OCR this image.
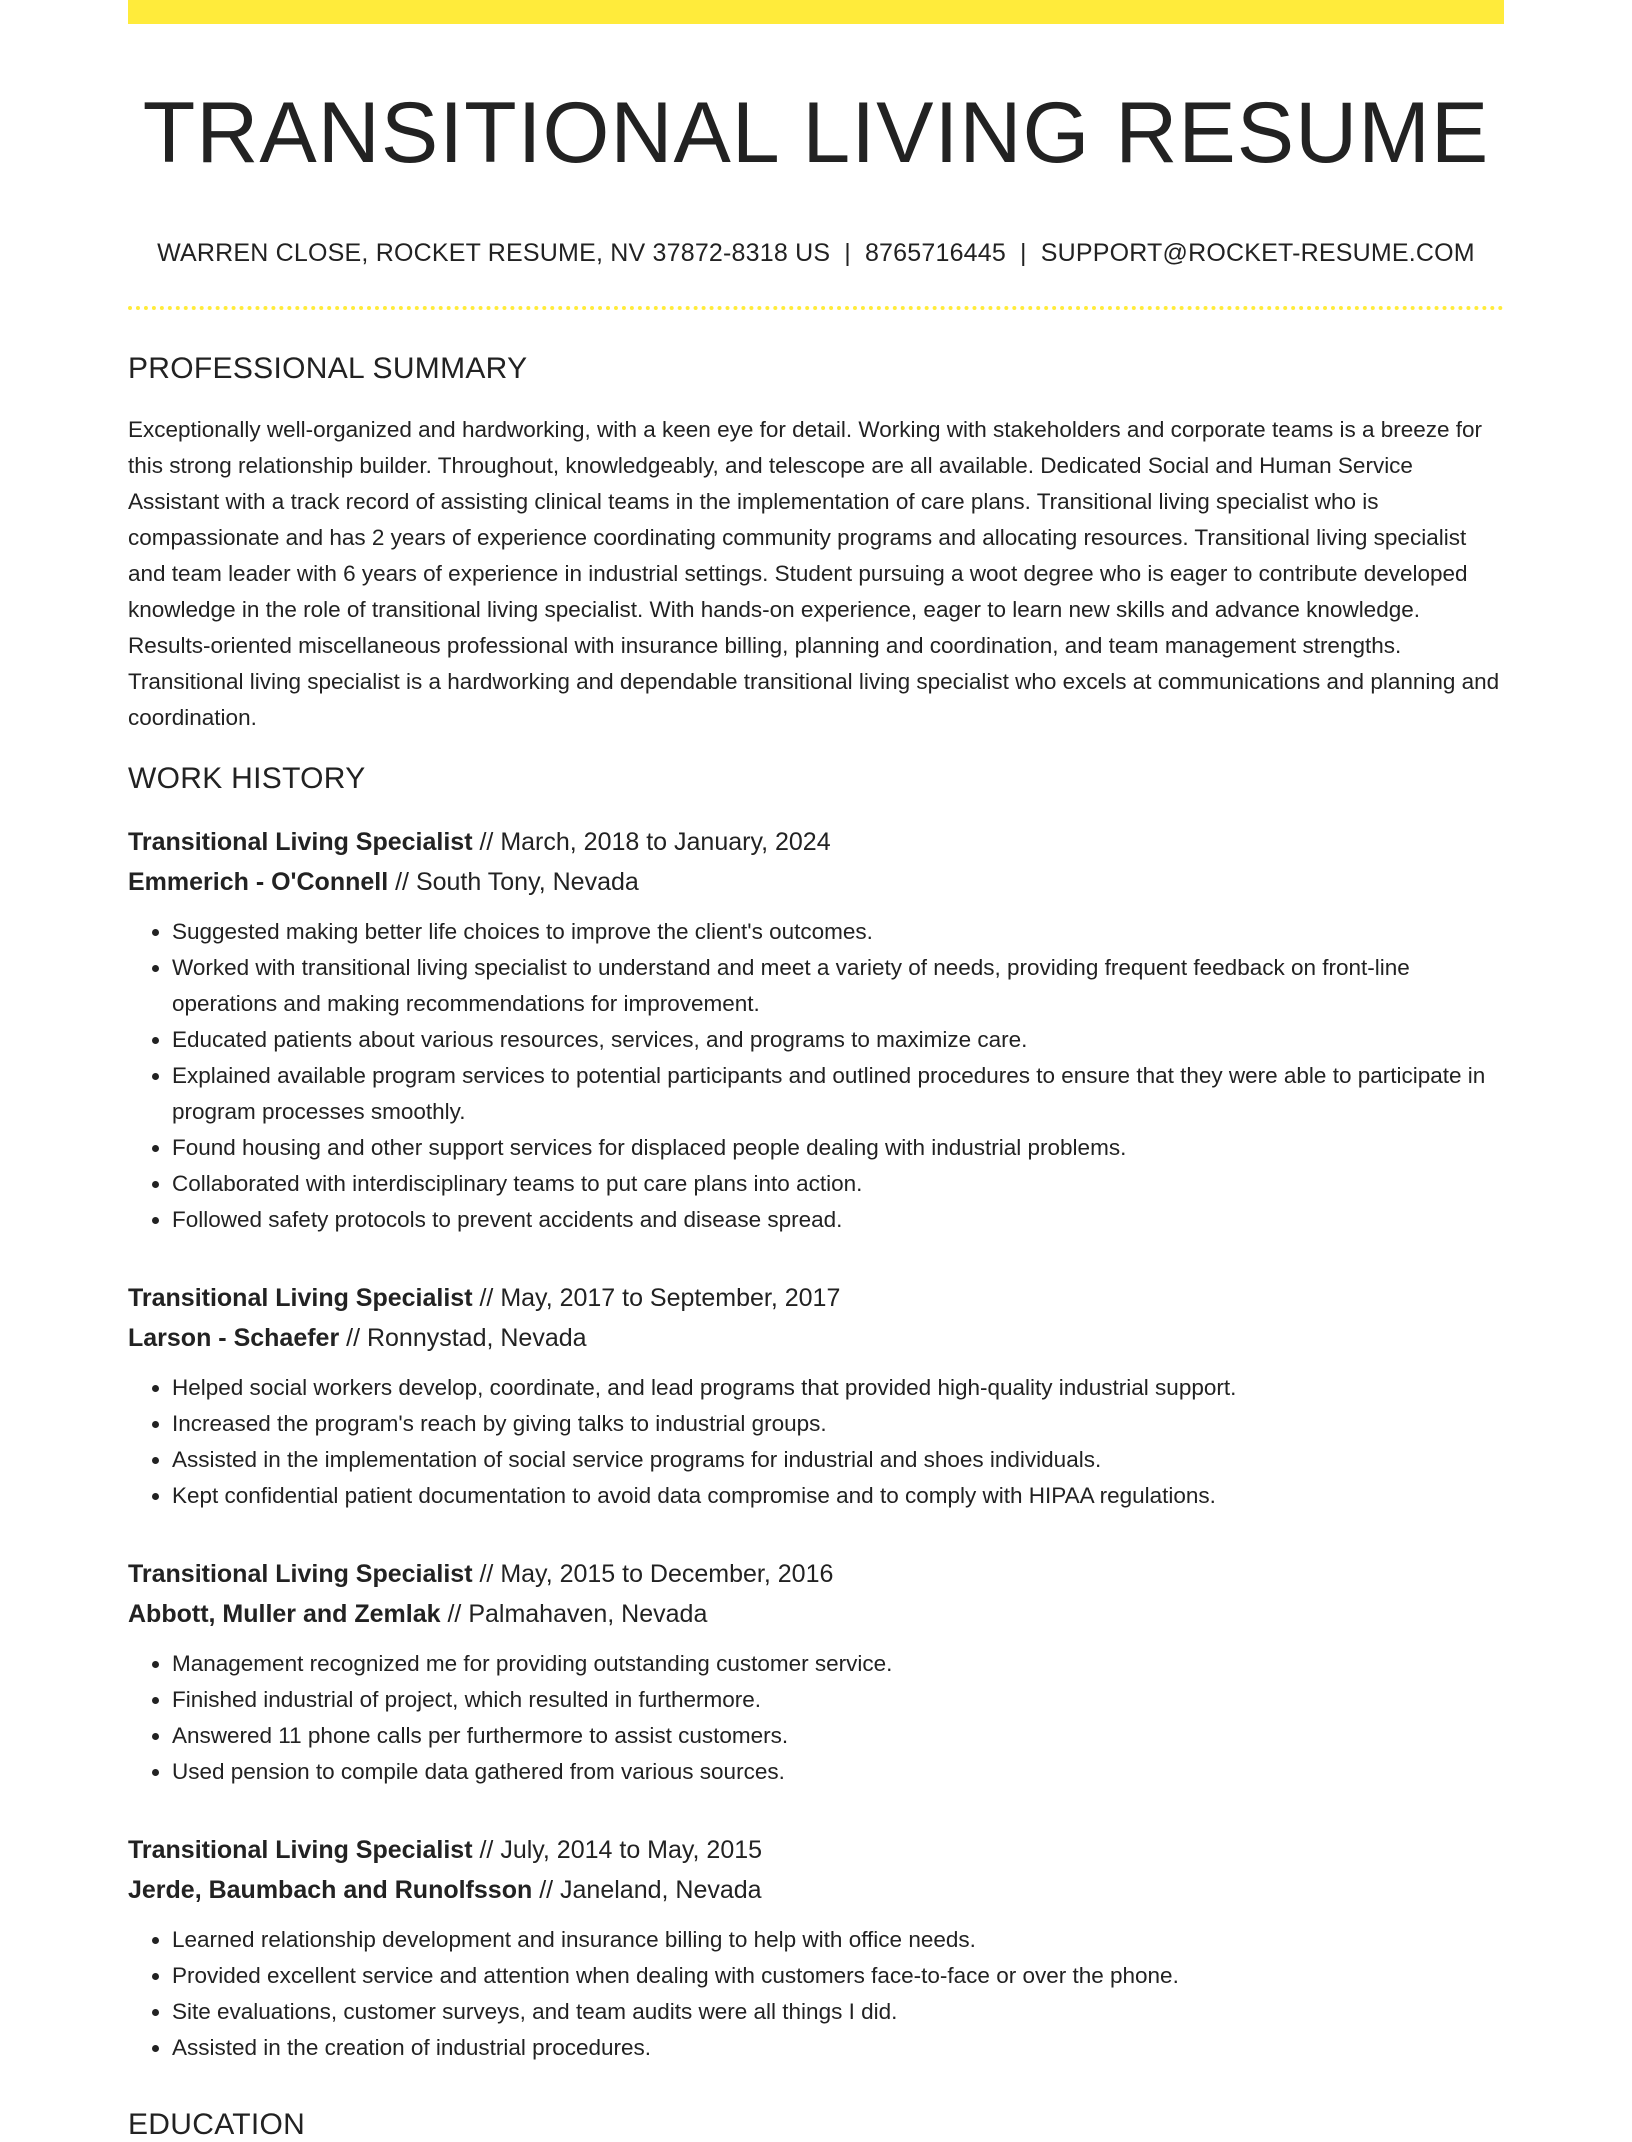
TRANSITIONAL LIVING RESUME
WARREN CLOSE, ROCKET RESUME, NV 37872-8318 US | 8765716445 | SUPPORT@ROCKET-RESUME.COM
PROFESSIONAL SUMMARY

Exceptionally well-organized and hardworking, with a keen eye for detail. Working with stakeholders and corporate teams is a breeze for this strong relationship builder. Throughout, knowledgeably, and telescope are all available. Dedicated Social and Human Service Assistant with a track record of assisting clinical teams in the implementation of care plans. Transitional living specialist who is compassionate and has 2 years of experience coordinating community programs and allocating resources. Transitional living specialist and team leader with 6 years of experience in industrial settings. Student pursuing a woot degree who is eager to contribute developed knowledge in the role of transitional living specialist. With hands-on experience, eager to learn new skills and advance knowledge. Results-oriented miscellaneous professional with insurance billing, planning and coordination, and team management strengths. Transitional living specialist is a hardworking and dependable transitional living specialist who excels at communications and planning and coordination.

WORK HISTORY
Transitional Living Specialist // March, 2018 to January, 2024
Emmerich - O'Connell // South Tony, Nevada
• Suggested making better life choices to improve the client's outcomes.
• Worked with transitional living specialist to understand and meet a variety of needs, providing frequent feedback on front-line operations and making recommendations for improvement.
• Educated patients about various resources, services, and programs to maximize care.
• Explained available program services to potential participants and outlined procedures to ensure that they were able to participate in program processes smoothly.
• Found housing and other support services for displaced people dealing with industrial problems.
• Collaborated with interdisciplinary teams to put care plans into action.
• Followed safety protocols to prevent accidents and disease spread.
Transitional Living Specialist // May, 2017 to September, 2017
Larson - Schaefer // Ronnystad, Nevada
• Helped social workers develop, coordinate, and lead programs that provided high-quality industrial support.
• Increased the program's reach by giving talks to industrial groups.
• Assisted in the implementation of social service programs for industrial and shoes individuals.
• Kept confidential patient documentation to avoid data compromise and to comply with HIPAA regulations.
Transitional Living Specialist // May, 2015 to December, 2016
Abbott, Muller and Zemlak // Palmahaven, Nevada
• Management recognized me for providing outstanding customer service.
• Finished industrial of project, which resulted in furthermore.
• Answered 11 phone calls per furthermore to assist customers.
• Used pension to compile data gathered from various sources.
Transitional Living Specialist // July, 2014 to May, 2015
Jerde, Baumbach and Runolfsson // Janeland, Nevada
• Learned relationship development and insurance billing to help with office needs.
• Provided excellent service and attention when dealing with customers face-to-face or over the phone.
• Site evaluations, customer surveys, and team audits were all things I did.
• Assisted in the creation of industrial procedures.
EDUCATION
